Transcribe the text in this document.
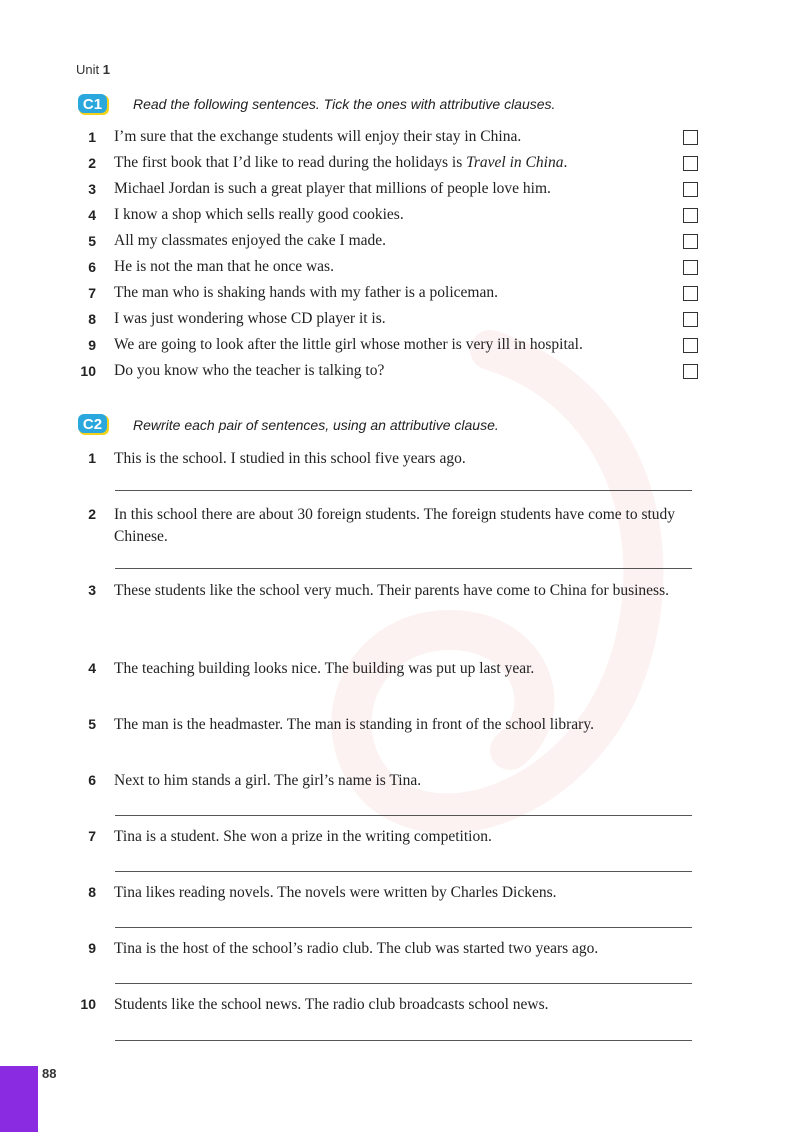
Unit 1
C1 Read the following sentences. Tick the ones with attributive clauses.
1 I’m sure that the exchange students will enjoy their stay in China.
2 The first book that I’d like to read during the holidays is Travel in China.
3 Michael Jordan is such a great player that millions of people love him.
4 I know a shop which sells really good cookies.
5 All my classmates enjoyed the cake I made.
6 He is not the man that he once was.
7 The man who is shaking hands with my father is a policeman.
8 I was just wondering whose CD player it is.
9 We are going to look after the little girl whose mother is very ill in hospital.
10 Do you know who the teacher is talking to?
C2 Rewrite each pair of sentences, using an attributive clause.
1 This is the school. I studied in this school five years ago.
2 In this school there are about 30 foreign students. The foreign students have come to study Chinese.
3 These students like the school very much. Their parents have come to China for business.
4 The teaching building looks nice. The building was put up last year.
5 The man is the headmaster. The man is standing in front of the school library.
6 Next to him stands a girl. The girl’s name is Tina.
7 Tina is a student. She won a prize in the writing competition.
8 Tina likes reading novels. The novels were written by Charles Dickens.
9 Tina is the host of the school’s radio club. The club was started two years ago.
10 Students like the school news. The radio club broadcasts school news.
88
